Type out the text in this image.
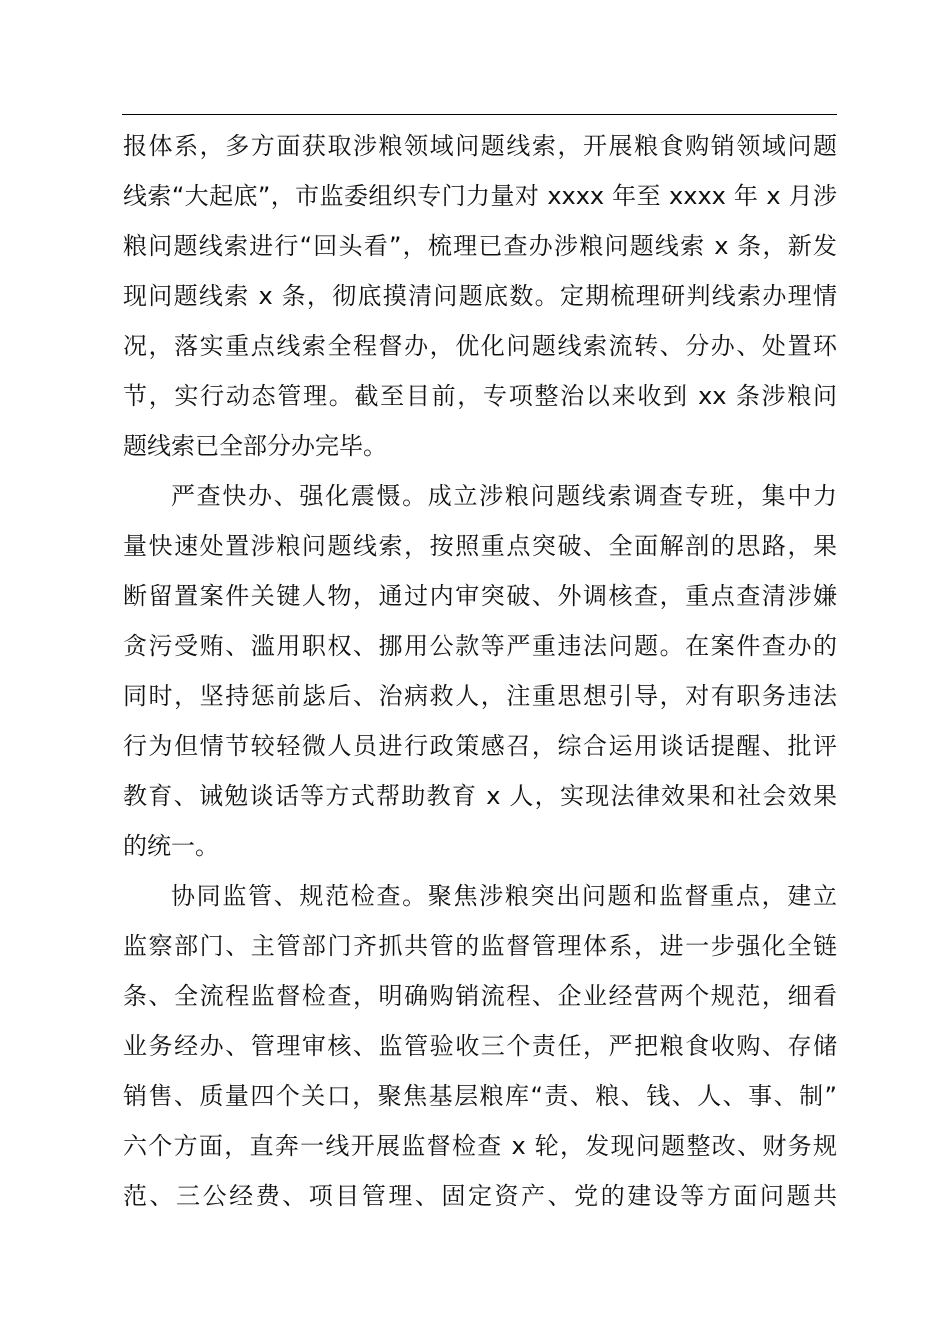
报体系，多方面获取涉粮领域问题线索，开展粮食购销领域问题
线索“大起底”，市监委组织专门力量对 xxxx 年至 xxxx 年 x 月涉
粮问题线索进行“回头看”，梳理已查办涉粮问题线索 x 条，新发
现问题线索 x 条，彻底摸清问题底数。定期梳理研判线索办理情
况，落实重点线索全程督办，优化问题线索流转、分办、处置环
节，实行动态管理。截至目前，专项整治以来收到 xx 条涉粮问
题线索已全部分办完毕。
严查快办、强化震慑。成立涉粮问题线索调查专班，集中力
量快速处置涉粮问题线索，按照重点突破、全面解剖的思路，果
断留置案件关键人物，通过内审突破、外调核查，重点查清涉嫌
贪污受贿、滥用职权、挪用公款等严重违法问题。在案件查办的
同时，坚持惩前毖后、治病救人，注重思想引导，对有职务违法
行为但情节较轻微人员进行政策感召，综合运用谈话提醒、批评
教育、诫勉谈话等方式帮助教育 x 人，实现法律效果和社会效果
的统一。
协同监管、规范检查。聚焦涉粮突出问题和监督重点，建立
监察部门、主管部门齐抓共管的监督管理体系，进一步强化全链
条、全流程监督检查，明确购销流程、企业经营两个规范，细看
业务经办、管理审核、监管验收三个责任，严把粮食收购、存储
销售、质量四个关口，聚焦基层粮库“责、粮、钱、人、事、制”
六个方面，直奔一线开展监督检查 x 轮，发现问题整改、财务规
范、三公经费、项目管理、固定资产、党的建设等方面问题共
